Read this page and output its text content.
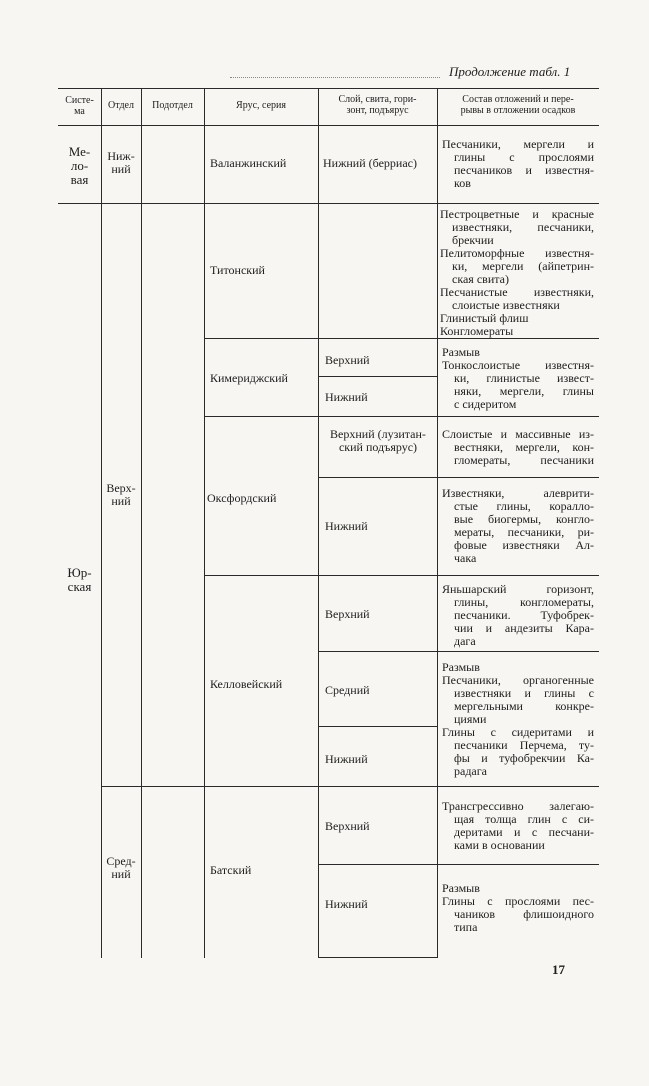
Продолжение табл. 1
Систе-
ма
Отдел	Подотдел	Ярус, серия
Слой, свита, гори-
зонт, подъярус
Состав отложений и пере-
рывы в отложении осадков
Ме-
ло-
вая
Юр-
ская
Ниж-
ний
Верх-
ний
Сред-
ний
Валанжинский
Титонский
Кимериджский
Оксфордский
Келловейский
Батский
Нижний (берриас)
Верхний
Нижний
Верхний (лузитан-
ский подъярус)
Нижний
Верхний
Средний
Нижний
Верхний
Нижний
Песчаники, мергели и
глины с прослоями
песчаников и известня-
ков
Пестроцветные и красные
известняки, песчаники,
брекчии
Пелитоморфные известня-
ки, мергели (айпетрин-
ская свита)
Песчанистые известняки,
слоистые известняки
Глинистый флиш
Конгломераты
Размыв
Тонкослоистые известня-
ки, глинистые извест-
няки, мергели, глины
с сидеритом
Слоистые и массивные из-
вестняки, мергели, кон-
гломераты, песчаники
Известняки, алеврити-
стые глины, коралло-
вые биогермы, конгло-
мераты, песчаники, ри-
фовые известняки Ал-
чака
Яньшарский горизонт,
глины, конгломераты,
песчаники. Туфобрек-
чии и андезиты Кара-
дага
Размыв
Песчаники, органогенные
известняки и глины с
мергельными конкре-
циями
Глины с сидеритами и
песчаники Перчема, ту-
фы и туфобрекчии Ка-
радага
Трансгрессивно залегаю-
щая толща глин с си-
деритами и с песчани-
ками в основании
Размыв
Глины с прослоями пес-
чаников флишоидного
типа
17
